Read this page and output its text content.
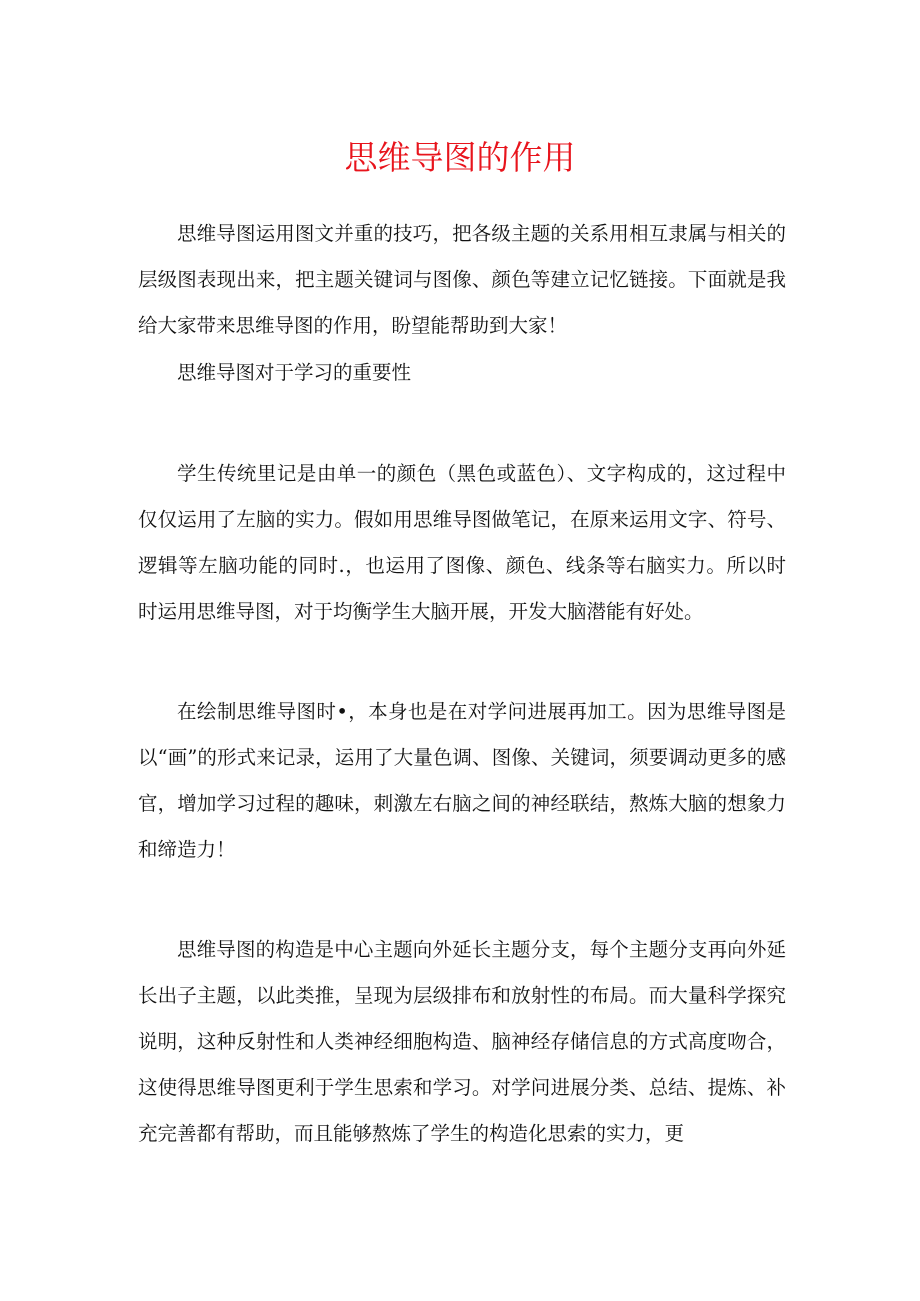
思维导图的作用

思维导图运用图文并重的技巧，把各级主题的关系用相互隶属与相关的层级图表现出来，把主题关键词与图像、颜色等建立记忆链接。下面就是我给大家带来思维导图的作用，盼望能帮助到大家！

思维导图对于学习的重要性

学生传统里记是由单一的颜色（黑色或蓝色）、文字构成的，这过程中仅仅运用了左脑的实力。假如用思维导图做笔记，在原来运用文字、符号、逻辑等左脑功能的同时.，也运用了图像、颜色、线条等右脑实力。所以时时运用思维导图，对于均衡学生大脑开展，开发大脑潜能有好处。

在绘制思维导图时•，本身也是在对学问进展再加工。因为思维导图是以“画”的形式来记录，运用了大量色调、图像、关键词，须要调动更多的感官，增加学习过程的趣味，刺激左右脑之间的神经联结，熬炼大脑的想象力和缔造力！

思维导图的构造是中心主题向外延长主题分支，每个主题分支再向外延长出子主题，以此类推，呈现为层级排布和放射性的布局。而大量科学探究说明，这种反射性和人类神经细胞构造、脑神经存储信息的方式高度吻合，这使得思维导图更利于学生思索和学习。对学问进展分类、总结、提炼、补充完善都有帮助，而且能够熬炼了学生的构造化思索的实力，更
